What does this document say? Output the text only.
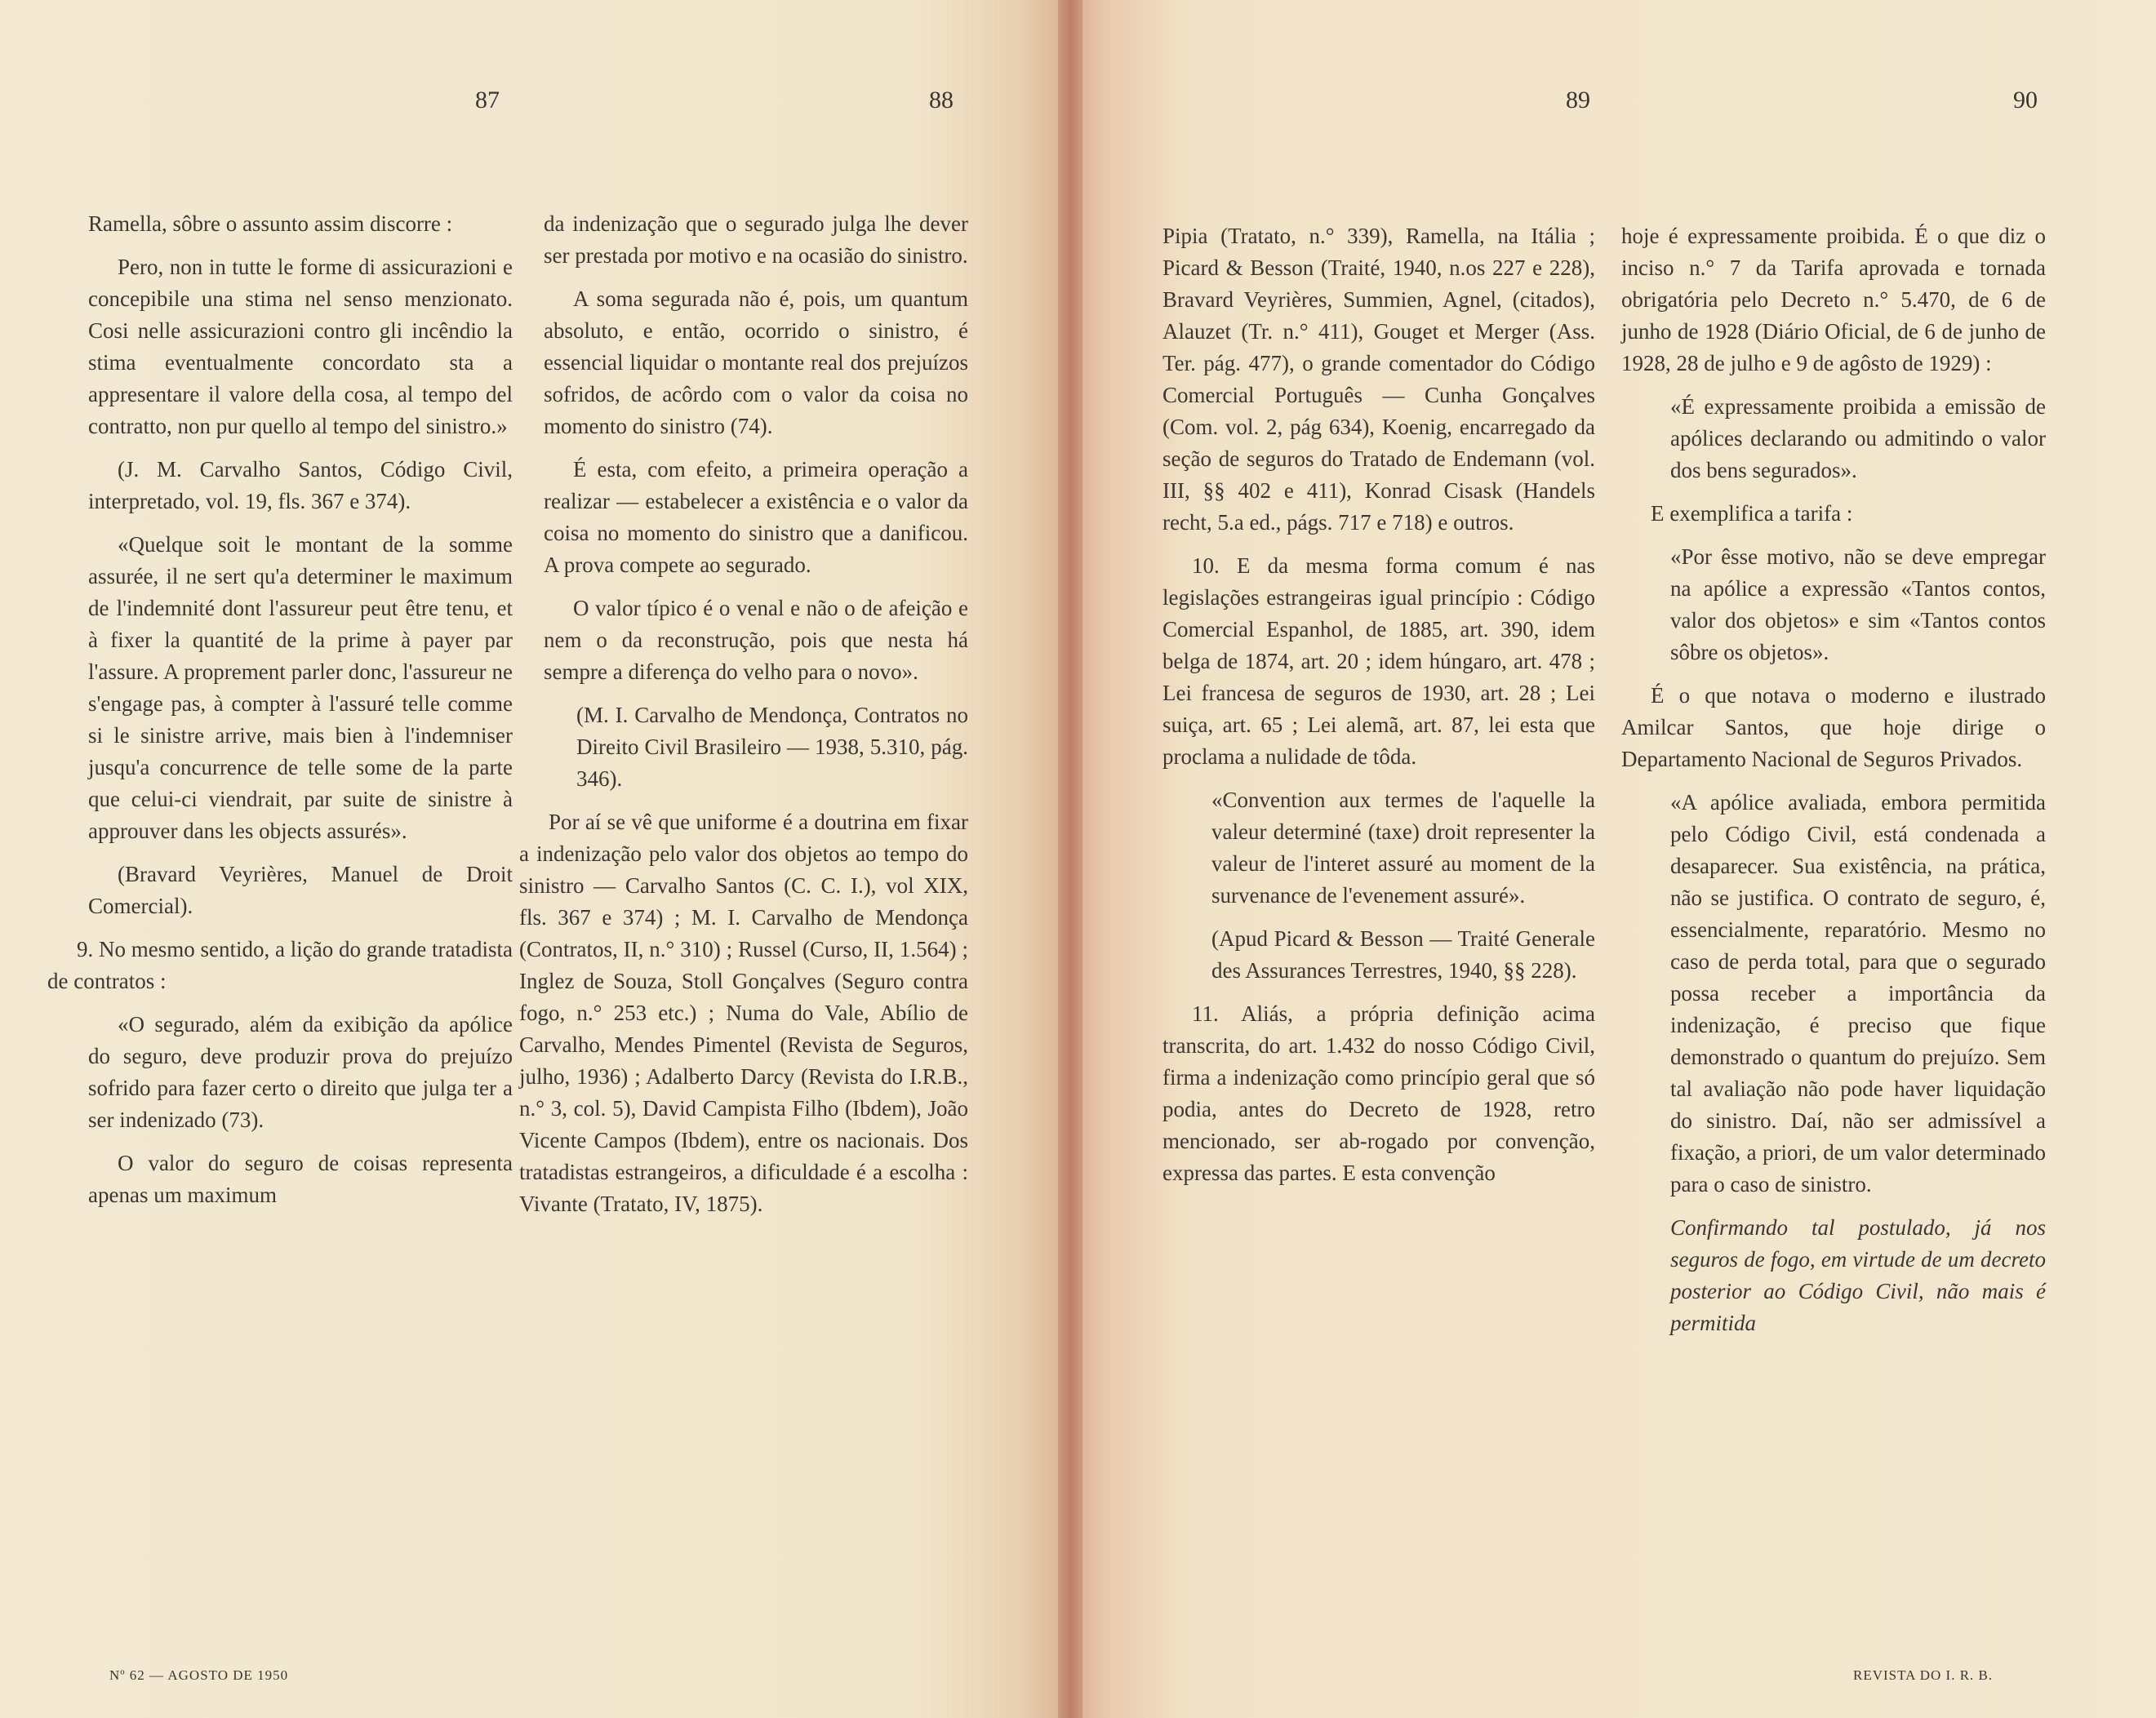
87	88	89	90

Ramella, sôbre o assunto assim discorre :

Pero, non in tutte le forme di assicurazioni e concepibile una stima nel senso menzionato. Cosi nelle assicurazioni contro gli incêndio la stima eventualmente concordato sta a appresentare il valore della cosa, al tempo del contratto, non pur quello al tempo del sinistro.»

(J. M. Carvalho Santos, Código Civil, interpretado, vol. 19, fls. 367 e 374).

«Quelque soit le montant de la somme assurée, il ne sert qu'a determiner le maximum de l'indemnité dont l'assureur peut être tenu, et à fixer la quantité de la prime à payer par l'assure. A proprement parler donc, l'assureur ne s'engage pas, à compter à l'assuré telle comme si le sinistre arrive, mais bien à l'indemniser jusqu'a concurrence de telle some de la parte que celui-ci viendrait, par suite de sinistre à approuver dans les objects assurés».

(Bravard Veyrières, Manuel de Droit Comercial).

9. No mesmo sentido, a lição do grande tratadista de contratos :

«O segurado, além da exibição da apólice do seguro, deve produzir prova do prejuízo sofrido para fazer certo o direito que julga ter a ser indenizado (73).

O valor do seguro de coisas representa apenas um maximum

da indenização que o segurado julga lhe dever ser prestada por motivo e na ocasião do sinistro.

A soma segurada não é, pois, um quantum absoluto, e então, ocorrido o sinistro, é essencial liquidar o montante real dos prejuízos sofridos, de acôrdo com o valor da coisa no momento do sinistro (74).

É esta, com efeito, a primeira operação a realizar — estabelecer a existência e o valor da coisa no momento do sinistro que a danificou. A prova compete ao segurado.

O valor típico é o venal e não o de afeição e nem o da reconstrução, pois que nesta há sempre a diferença do velho para o novo».

(M. I. Carvalho de Mendonça, Contratos no Direito Civil Brasileiro — 1938, 5.310, pág. 346).

Por aí se vê que uniforme é a doutrina em fixar a indenização pelo valor dos objetos ao tempo do sinistro — Carvalho Santos (C. C. I.), vol XIX, fls. 367 e 374) ; M. I. Carvalho de Mendonça (Contratos, II, n.° 310) ; Russel (Curso, II, 1.564) ; Inglez de Souza, Stoll Gonçalves (Seguro contra fogo, n.° 253 etc.) ; Numa do Vale, Abílio de Carvalho, Mendes Pimentel (Revista de Seguros, julho, 1936) ; Adalberto Darcy (Revista do I.R.B., n.° 3, col. 5), David Campista Filho (Ibdem), João Vicente Campos (Ibdem), entre os nacionais. Dos tratadistas estrangeiros, a dificuldade é a escolha : Vivante (Tratato, IV, 1875).

Pipia (Tratato, n.° 339), Ramella, na Itália ; Picard & Besson (Traité, 1940, n.os 227 e 228), Bravard Veyrières, Summien, Agnel, (citados), Alauzet (Tr. n.° 411), Gouget et Merger (Ass. Ter. pág. 477), o grande comentador do Código Comercial Português — Cunha Gonçalves (Com. vol. 2, pág 634), Koenig, encarregado da seção de seguros do Tratado de Endemann (vol. III, §§ 402 e 411), Konrad Cisask (Handels recht, 5.a ed., págs. 717 e 718) e outros.

10. E da mesma forma comum é nas legislações estrangeiras igual princípio : Código Comercial Espanhol, de 1885, art. 390, idem belga de 1874, art. 20 ; idem húngaro, art. 478 ; Lei francesa de seguros de 1930, art. 28 ; Lei suiça, art. 65 ; Lei alemã, art. 87, lei esta que proclama a nulidade de tôda.

«Convention aux termes de l'aquelle la valeur determiné (taxe) droit representer la valeur de l'interet assuré au moment de la survenance de l'evenement assuré».

(Apud Picard & Besson — Traité Generale des Assurances Terrestres, 1940, §§ 228).

11. Aliás, a própria definição acima transcrita, do art. 1.432 do nosso Código Civil, firma a indenização como princípio geral que só podia, antes do Decreto de 1928, retro mencionado, ser ab-rogado por convenção, expressa das partes. E esta convenção

hoje é expressamente proibida. É o que diz o inciso n.° 7 da Tarifa aprovada e tornada obrigatória pelo Decreto n.° 5.470, de 6 de junho de 1928 (Diário Oficial, de 6 de junho de 1928, 28 de julho e 9 de agôsto de 1929) :

«É expressamente proibida a emissão de apólices declarando ou admitindo o valor dos bens segurados».

E exemplifica a tarifa :

«Por êsse motivo, não se deve empregar na apólice a expressão «Tantos contos, valor dos objetos» e sim «Tantos contos sôbre os objetos».

É o que notava o moderno e ilustrado Amilcar Santos, que hoje dirige o Departamento Nacional de Seguros Privados.

«A apólice avaliada, embora permitida pelo Código Civil, está condenada a desaparecer. Sua existência, na prática, não se justifica. O contrato de seguro, é, essencialmente, reparatório. Mesmo no caso de perda total, para que o segurado possa receber a importância da indenização, é preciso que fique demonstrado o quantum do prejuízo. Sem tal avaliação não pode haver liquidação do sinistro. Daí, não ser admissível a fixação, a priori, de um valor determinado para o caso de sinistro.

Confirmando tal postulado, já nos seguros de fogo, em virtude de um decreto posterior ao Código Civil, não mais é permitida

Nº 62 — AGOSTO DE 1950	REVISTA DO I. R. B.
